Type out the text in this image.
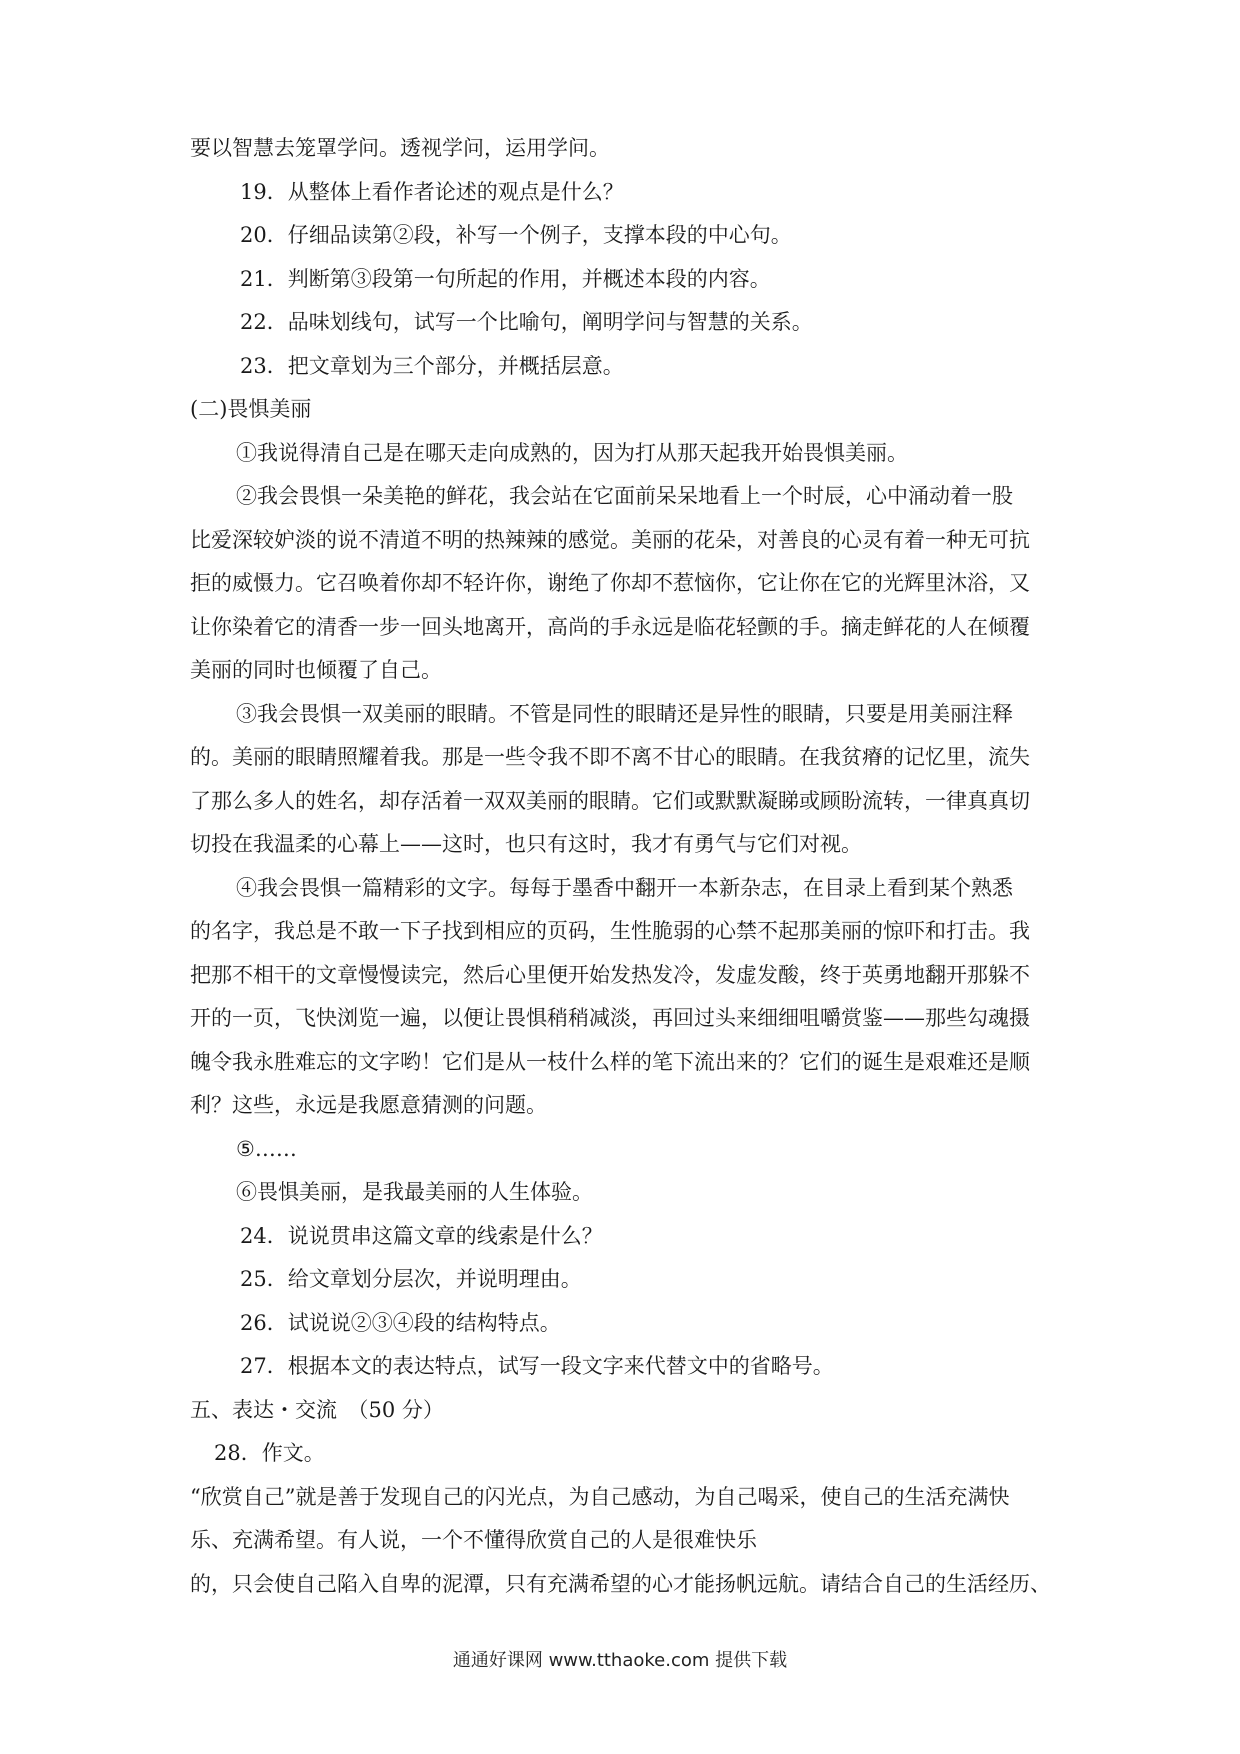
要以智慧去笼罩学问。透视学问，运用学问。
19．从整体上看作者论述的观点是什么？
20．仔细品读第②段，补写一个例子，支撑本段的中心句。
21．判断第③段第一句所起的作用，并概述本段的内容。
22．品味划线句，试写一个比喻句，阐明学问与智慧的关系。
23．把文章划为三个部分，并概括层意。
(二)畏惧美丽
①我说得清自己是在哪天走向成熟的，因为打从那天起我开始畏惧美丽。
②我会畏惧一朵美艳的鲜花，我会站在它面前呆呆地看上一个时辰，心中涌动着一股
比爱深较妒淡的说不清道不明的热辣辣的感觉。美丽的花朵，对善良的心灵有着一种无可抗
拒的威慑力。它召唤着你却不轻许你，谢绝了你却不惹恼你，它让你在它的光辉里沐浴，又
让你染着它的清香一步一回头地离开，高尚的手永远是临花轻颤的手。摘走鲜花的人在倾覆
美丽的同时也倾覆了自己。
③我会畏惧一双美丽的眼睛。不管是同性的眼睛还是异性的眼睛，只要是用美丽注释
的。美丽的眼睛照耀着我。那是一些令我不即不离不甘心的眼睛。在我贫瘠的记忆里，流失
了那么多人的姓名，却存活着一双双美丽的眼睛。它们或默默凝睇或顾盼流转，一律真真切
切投在我温柔的心幕上——这时，也只有这时，我才有勇气与它们对视。
④我会畏惧一篇精彩的文字。每每于墨香中翻开一本新杂志，在目录上看到某个熟悉
的名字，我总是不敢一下子找到相应的页码，生性脆弱的心禁不起那美丽的惊吓和打击。我
把那不相干的文章慢慢读完，然后心里便开始发热发冷，发虚发酸，终于英勇地翻开那躲不
开的一页，飞快浏览一遍，以便让畏惧稍稍减淡，再回过头来细细咀嚼赏鉴——那些勾魂摄
魄令我永胜难忘的文字哟！它们是从一枝什么样的笔下流出来的？它们的诞生是艰难还是顺
利？这些，永远是我愿意猜测的问题。
⑤……
⑥畏惧美丽，是我最美丽的人生体验。
24．说说贯串这篇文章的线索是什么？
25．给文章划分层次，并说明理由。
26．试说说②③④段的结构特点。
27．根据本文的表达特点，试写一段文字来代替文中的省略号。
五、表达・交流　（50 分）
28．作文。
“欣赏自己”就是善于发现自己的闪光点，为自己感动，为自己喝采，使自己的生活充满快
乐、充满希望。有人说，一个不懂得欣赏自己的人是很难快乐
的，只会使自己陷入自卑的泥潭，只有充满希望的心才能扬帆远航。请结合自己的生活经历、
通通好课网 www.tthaoke.com 提供下载
